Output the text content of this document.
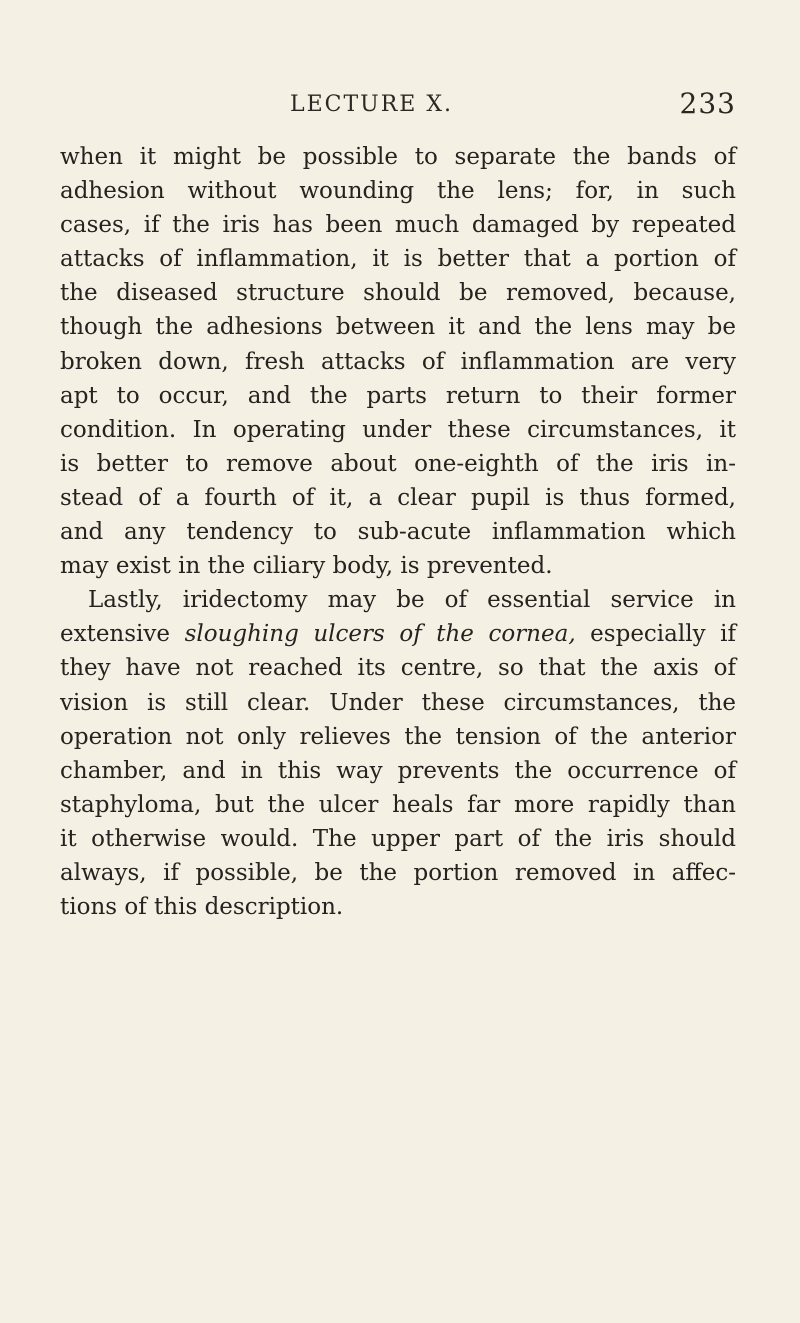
LECTURE X.	233
when it might be possible to separate the bands of
adhesion without wounding the lens; for, in such
cases, if the iris has been much damaged by repeated
attacks of inflammation, it is better that a portion of
the diseased structure should be removed, because,
though the adhesions between it and the lens may be
broken down, fresh attacks of inflammation are very
apt to occur, and the parts return to their former
condition. In operating under these circumstances, it
is better to remove about one-eighth of the iris in-
stead of a fourth of it, a clear pupil is thus formed,
and any tendency to sub-acute inflammation which
may exist in the ciliary body, is prevented.
Lastly, iridectomy may be of essential service in
extensive sloughing ulcers of the cornea, especially if
they have not reached its centre, so that the axis of
vision is still clear. Under these circumstances, the
operation not only relieves the tension of the anterior
chamber, and in this way prevents the occurrence of
staphyloma, but the ulcer heals far more rapidly than
it otherwise would. The upper part of the iris should
always, if possible, be the portion removed in affec-
tions of this description.
